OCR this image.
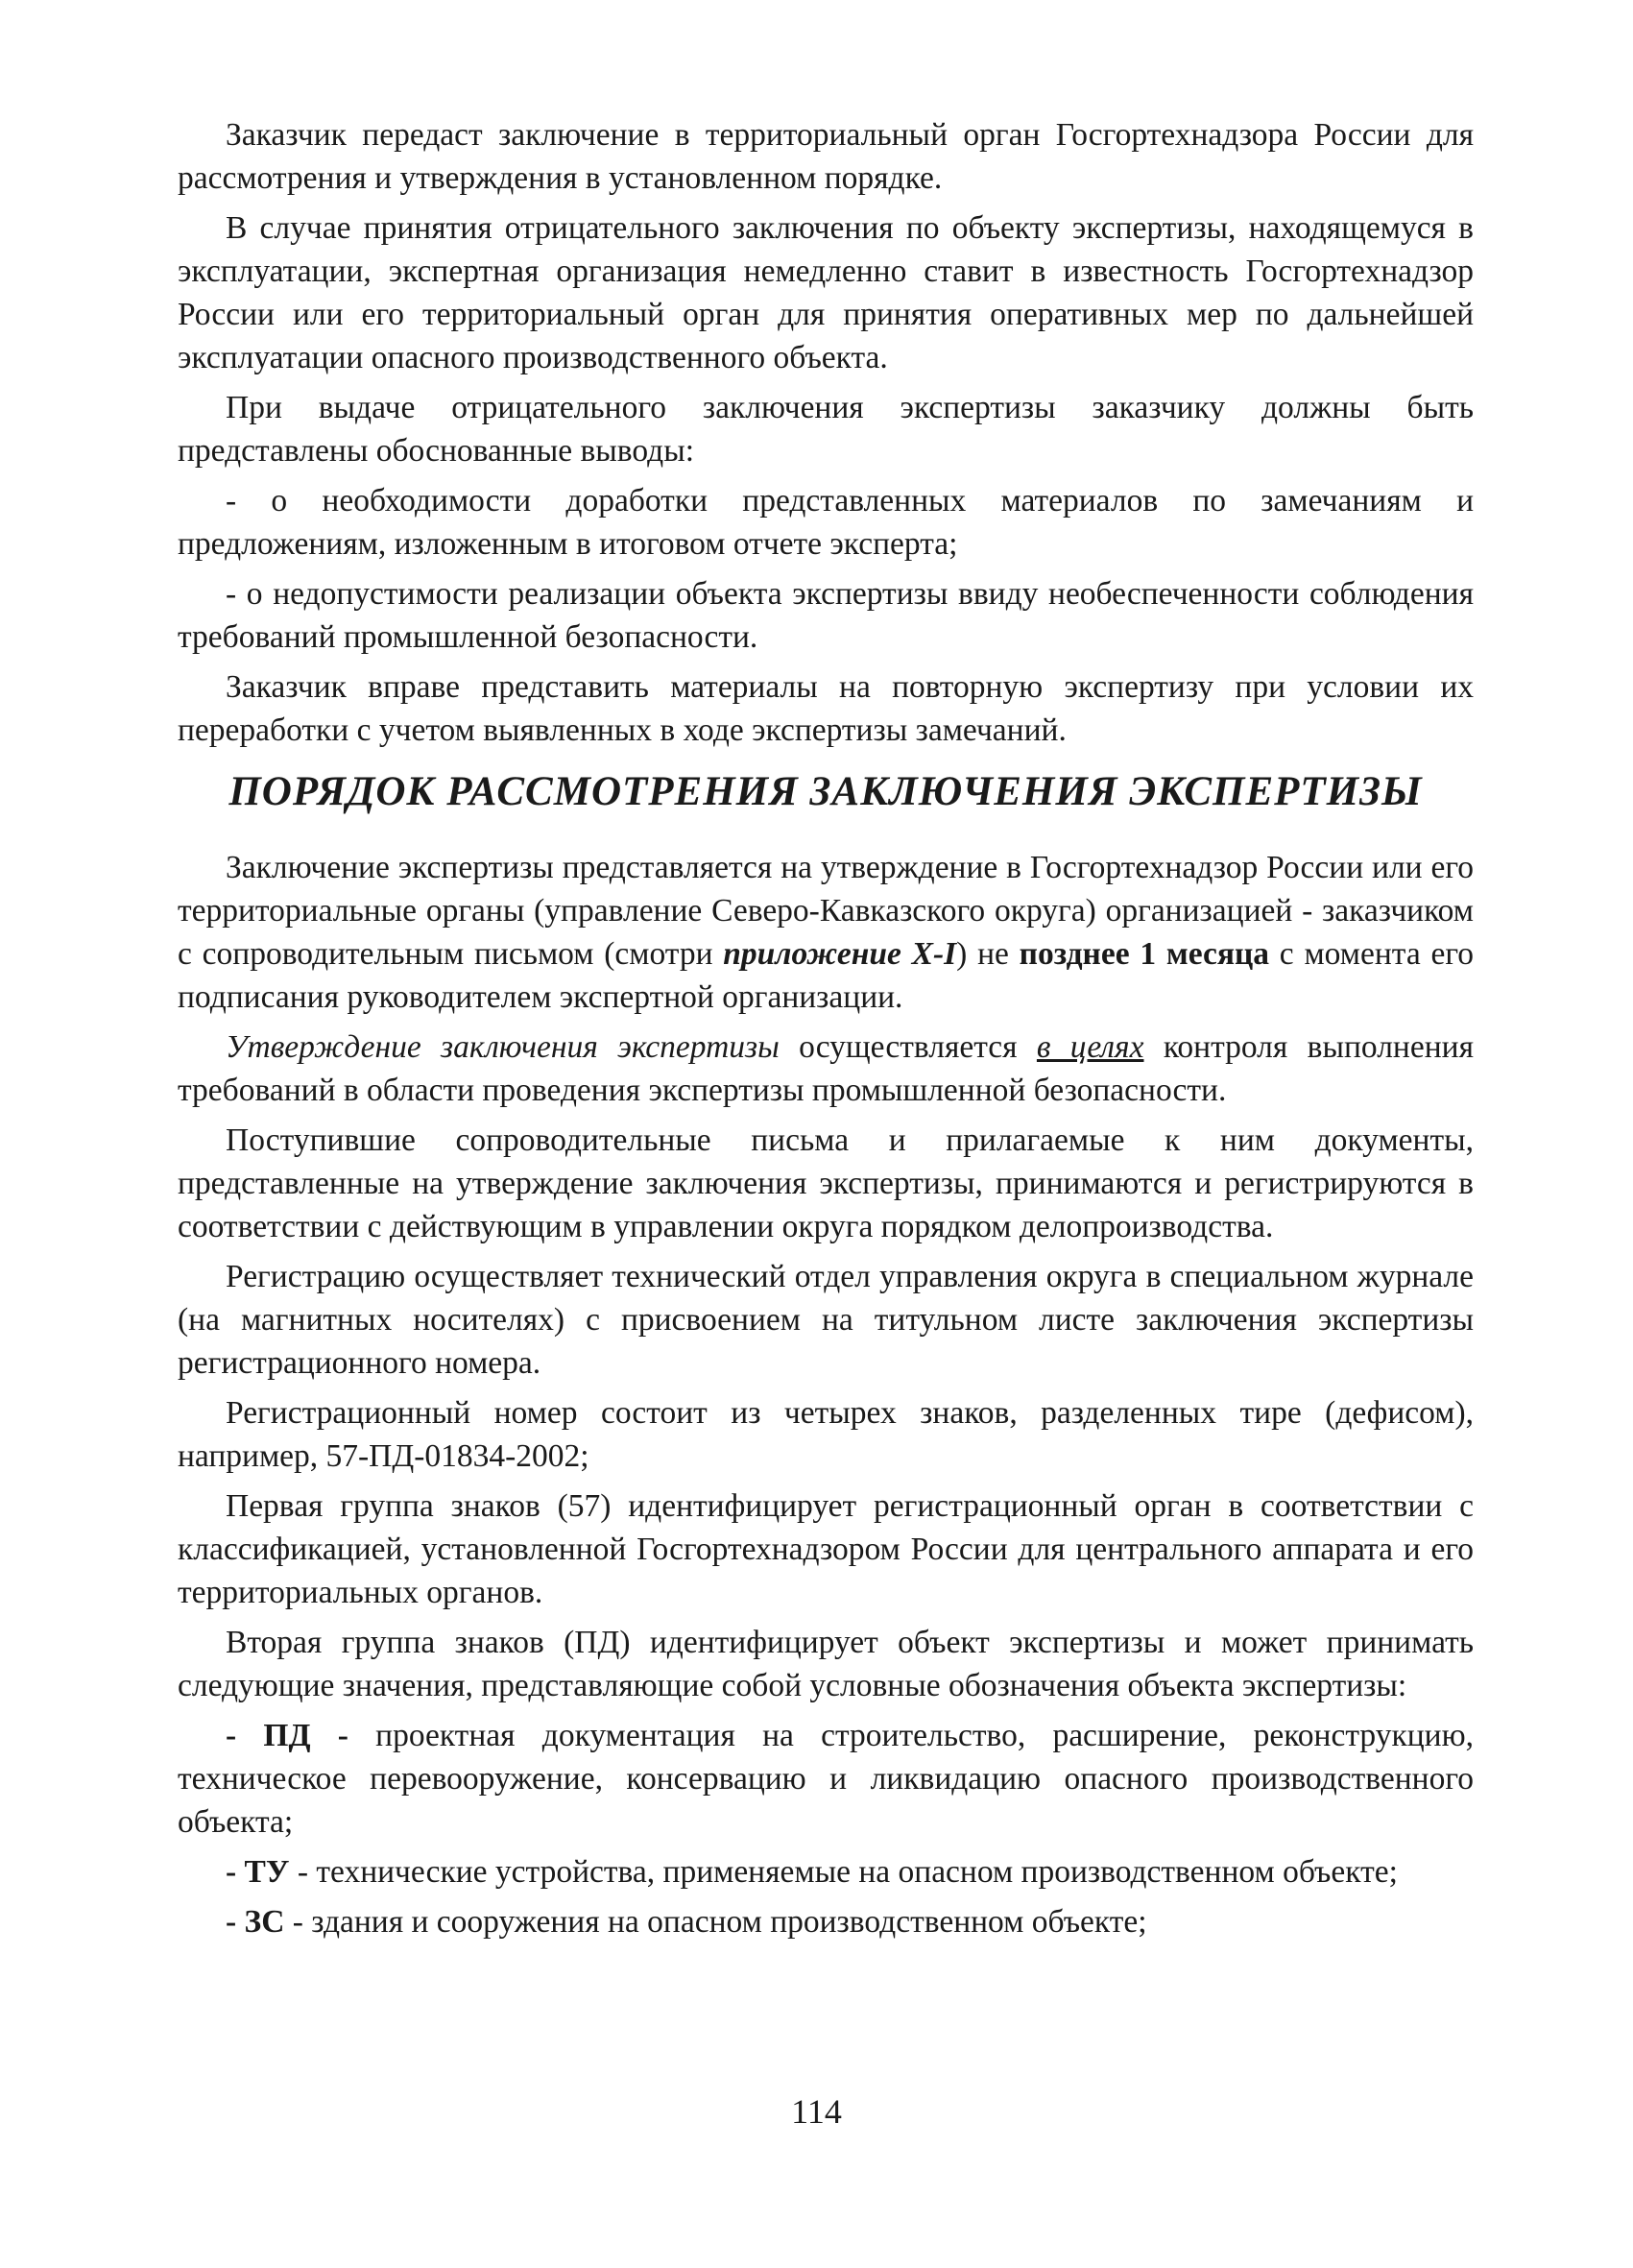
Заказчик передаст заключение в территориальный орган Госгортехнадзора России для рассмотрения и утверждения в установленном порядке.

В случае принятия отрицательного заключения по объекту экспертизы, находящемуся в эксплуатации, экспертная организация немедленно ставит в известность Госгортехнадзор России или его территориальный орган для принятия оперативных мер по дальнейшей эксплуатации опасного производственного объекта.

При выдаче отрицательного заключения экспертизы заказчику должны быть представлены обоснованные выводы:

- о необходимости доработки представленных материалов по замечаниям и предложениям, изложенным в итоговом отчете эксперта;

- о недопустимости реализации объекта экспертизы ввиду необеспеченности соблюдения требований промышленной безопасности.

Заказчик вправе представить материалы на повторную экспертизу при условии их переработки с учетом выявленных в ходе экспертизы замечаний.

ПОРЯДОК РАССМОТРЕНИЯ ЗАКЛЮЧЕНИЯ ЭКСПЕРТИЗЫ

Заключение экспертизы представляется на утверждение в Госгортехнадзор России или его территориальные органы (управление Северо-Кавказского округа) организацией - заказчиком с сопроводительным письмом (смотри приложение Х-I) не позднее 1 месяца с момента его подписания руководителем экспертной организации.

Утверждение заключения экспертизы осуществляется в целях контроля выполнения требований в области проведения экспертизы промышленной безопасности.

Поступившие сопроводительные письма и прилагаемые к ним документы, представленные на утверждение заключения экспертизы, принимаются и регистрируются в соответствии с действующим в управлении округа порядком делопроизводства.

Регистрацию осуществляет технический отдел управления округа в специальном журнале (на магнитных носителях) с присвоением на титульном листе заключения экспертизы регистрационного номера.

Регистрационный номер состоит из четырех знаков, разделенных тире (дефисом), например, 57-ПД-01834-2002;

Первая группа знаков (57) идентифицирует регистрационный орган в соответствии с классификацией, установленной Госгортехнадзором России для центрального аппарата и его территориальных органов.

Вторая группа знаков (ПД) идентифицирует объект экспертизы и может принимать следующие значения, представляющие собой условные обозначения объекта экспертизы:

- ПД - проектная документация на строительство, расширение, реконструкцию, техническое перевооружение, консервацию и ликвидацию опасного производственного объекта;

- ТУ - технические устройства, применяемые на опасном производственном объекте;

- ЗС - здания и сооружения на опасном производственном объекте;

114
